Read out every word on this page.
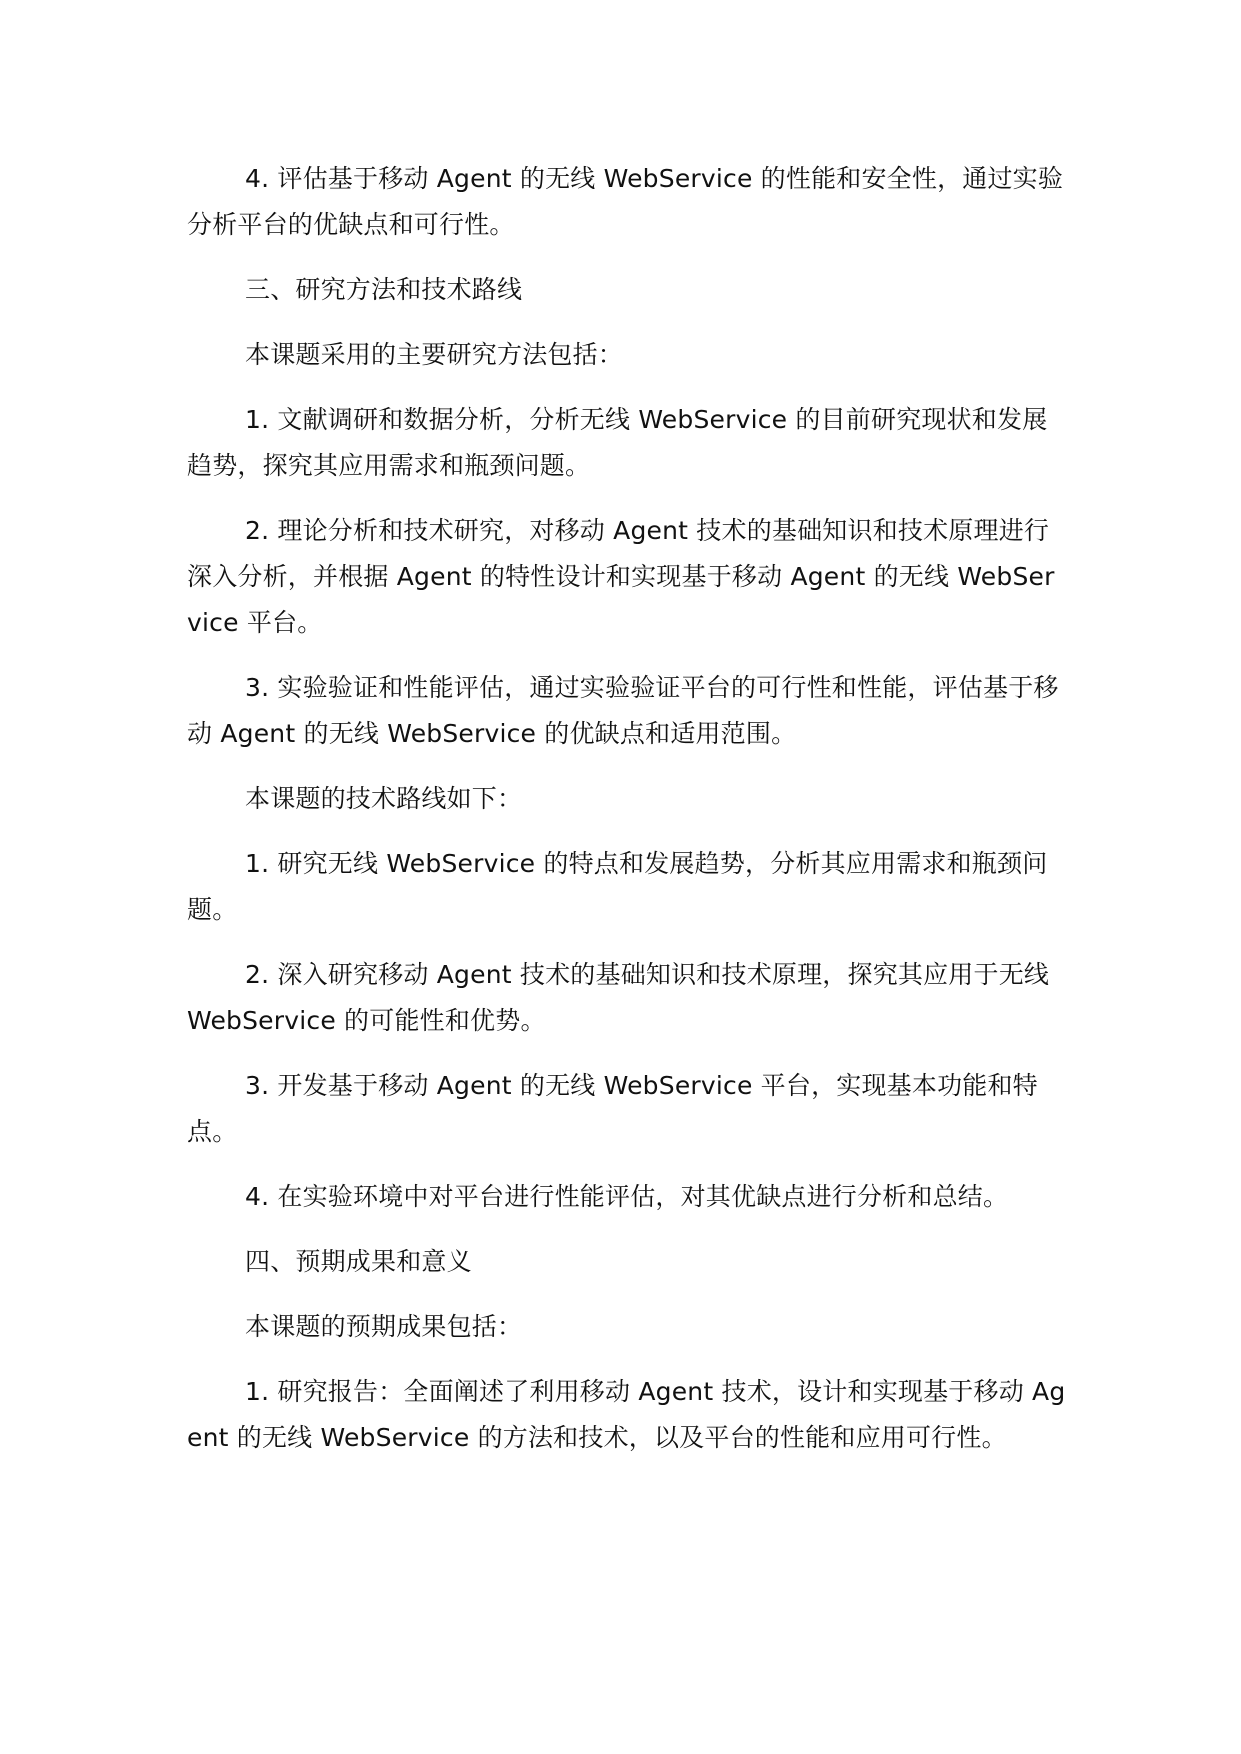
4. 评估基于移动 Agent 的无线 WebService 的性能和安全性，通过实验分析平台的优缺点和可行性。

三、研究方法和技术路线

本课题采用的主要研究方法包括：

1. 文献调研和数据分析，分析无线 WebService 的目前研究现状和发展趋势，探究其应用需求和瓶颈问题。

2. 理论分析和技术研究，对移动 Agent 技术的基础知识和技术原理进行深入分析，并根据 Agent 的特性设计和实现基于移动 Agent 的无线 WebService 平台。

3. 实验验证和性能评估，通过实验验证平台的可行性和性能，评估基于移动 Agent 的无线 WebService 的优缺点和适用范围。

本课题的技术路线如下：

1. 研究无线 WebService 的特点和发展趋势，分析其应用需求和瓶颈问题。

2. 深入研究移动 Agent 技术的基础知识和技术原理，探究其应用于无线 WebService 的可能性和优势。

3. 开发基于移动 Agent 的无线 WebService 平台，实现基本功能和特点。

4. 在实验环境中对平台进行性能评估，对其优缺点进行分析和总结。

四、预期成果和意义

本课题的预期成果包括：

1. 研究报告：全面阐述了利用移动 Agent 技术，设计和实现基于移动 Agent 的无线 WebService 的方法和技术，以及平台的性能和应用可行性。
